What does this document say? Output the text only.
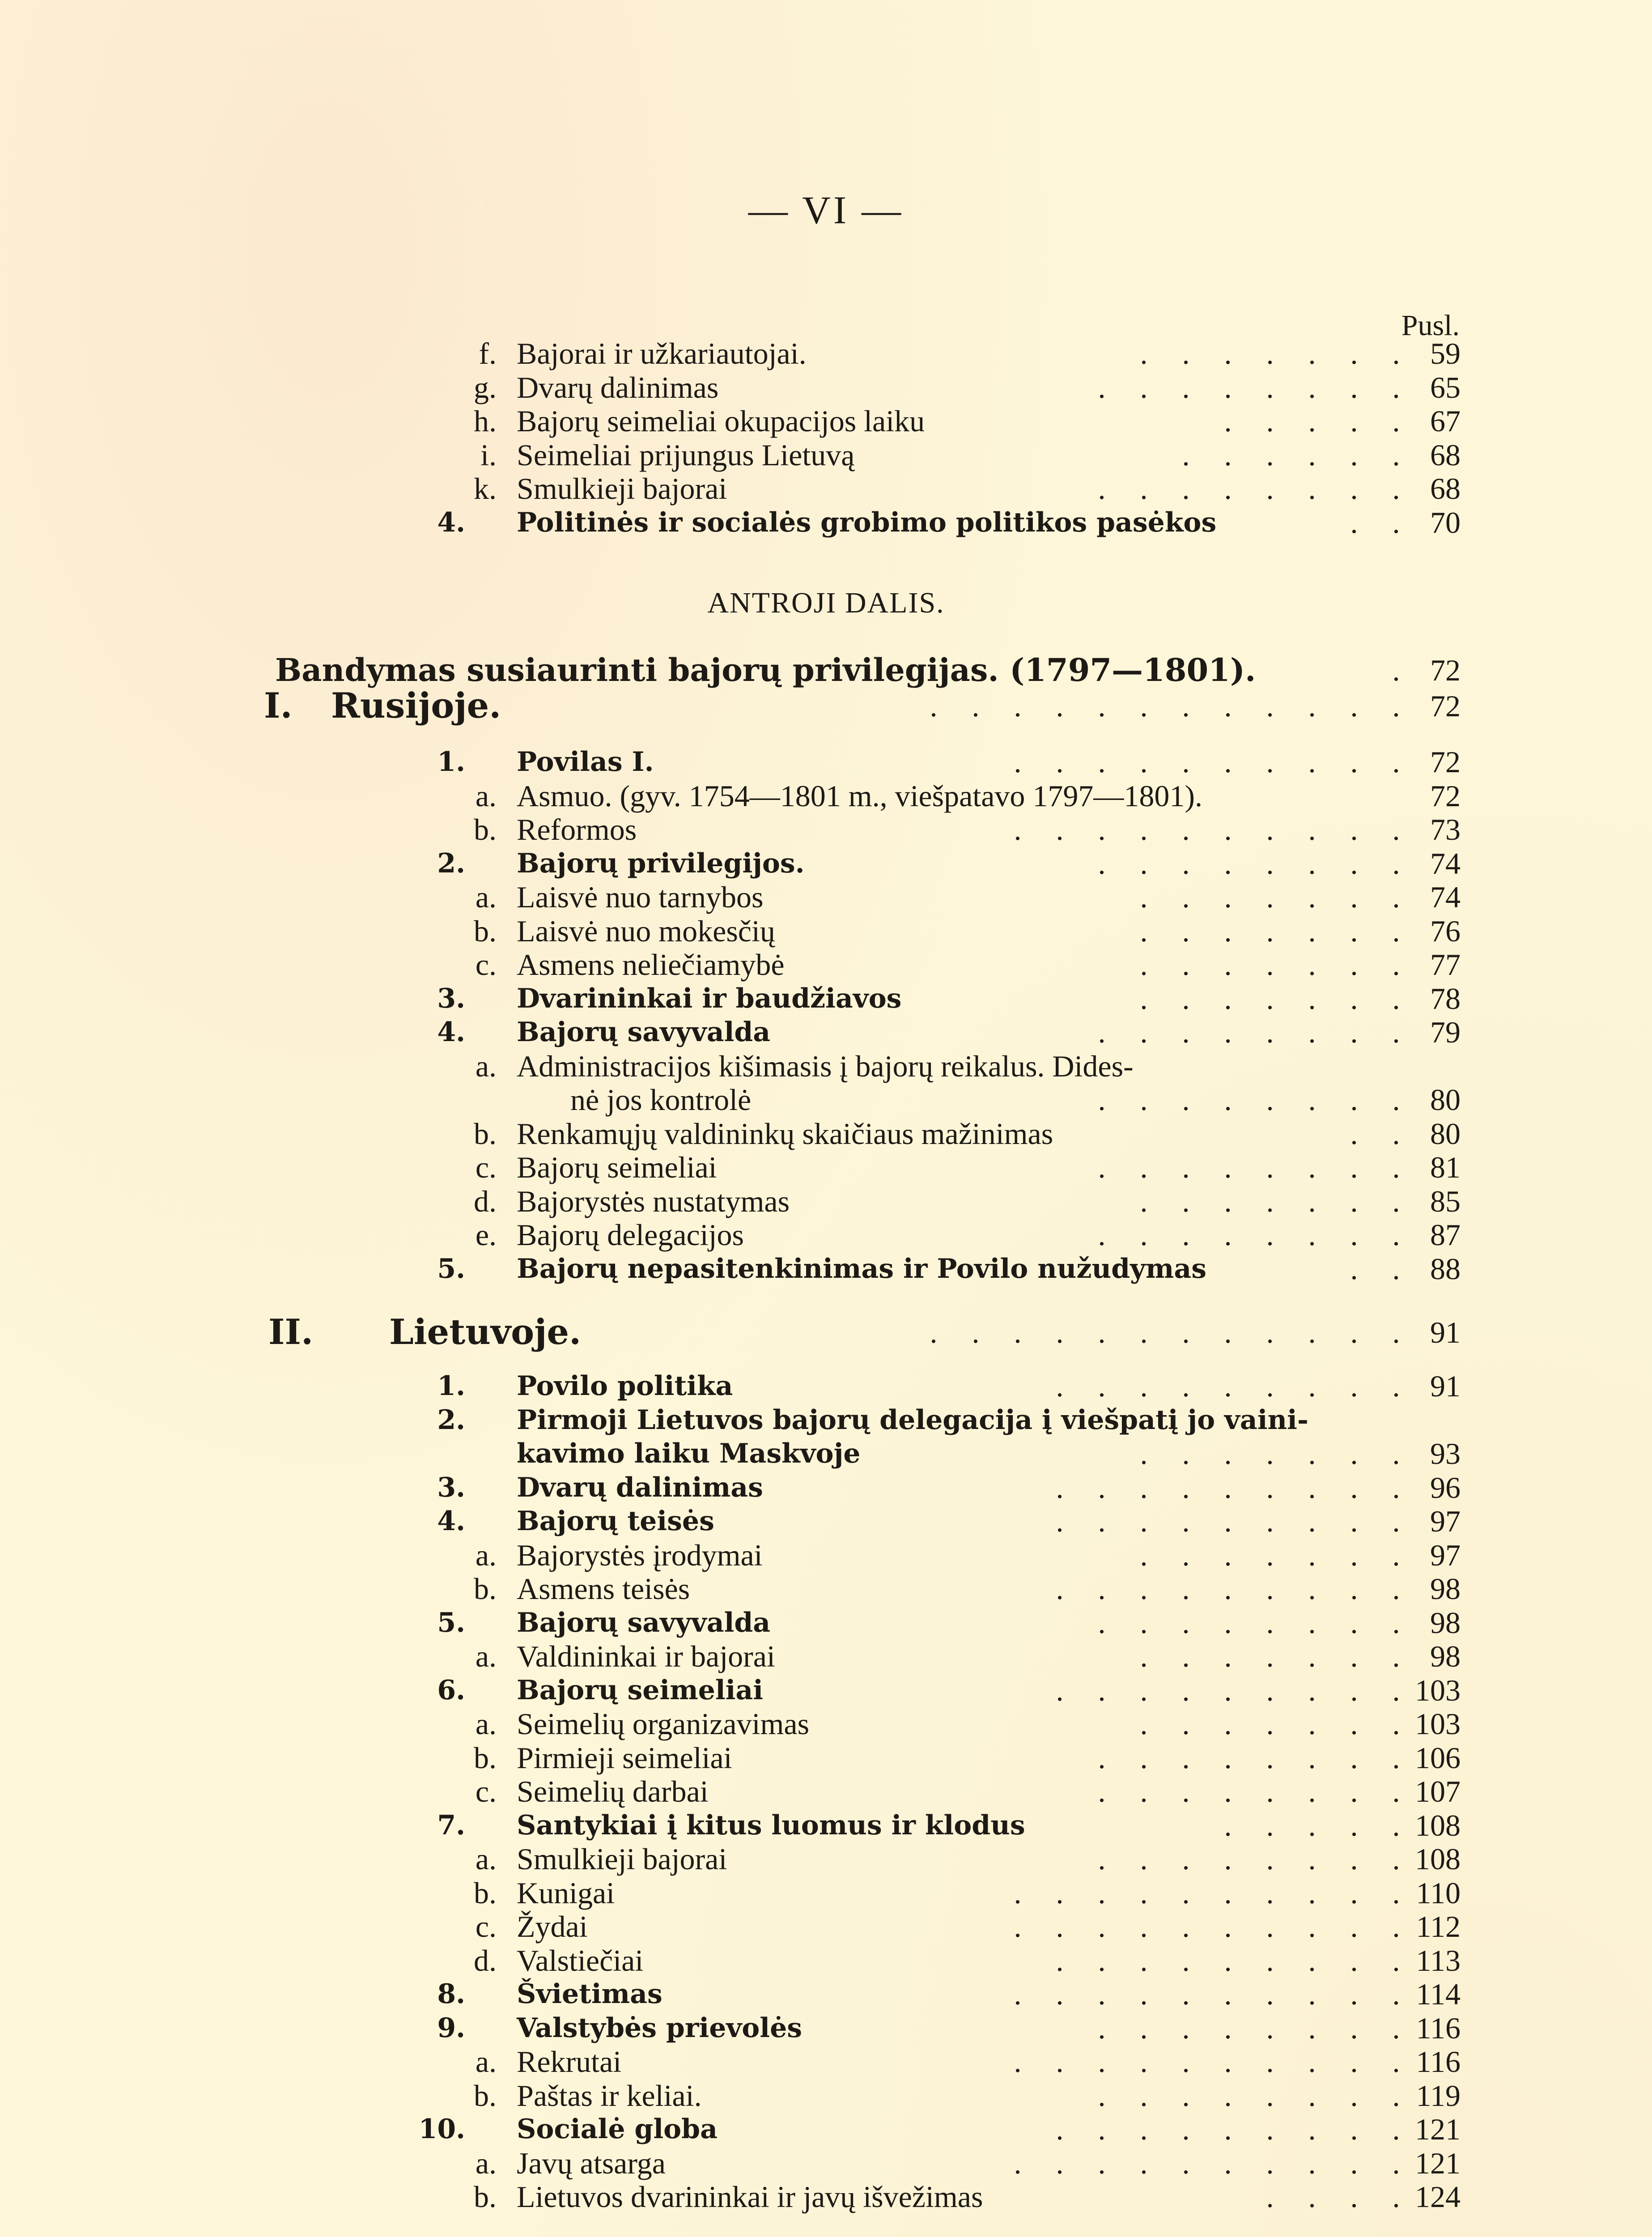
— VI —
Pusl.
f. Bajorai ir užkariautojai.	. . . . . . . 59
g. Dvarų dalinimas	. . . . . . . . 65
h. Bajorų seimeliai okupacijos laiku	. . . . . 67
i. Seimeliai prijungus Lietuvą	. . . . . . 68
k. Smulkieji bajorai	. . . . . . . . 68
4. Politinės ir socialės grobimo politikos pasėkos	. . 70
ANTROJI DALIS.
Bandymas susiaurinti bajorų privilegijas. (1797—1801).	. 72
I. Rusijoje.	. . . . . . . . . . . . 72
1. Povilas I.	. . . . . . . . . . 72
a. Asmuo. (gyv. 1754—1801 m., viešpatavo 1797—1801).	72
b. Reformos	. . . . . . . . . . 73
2. Bajorų privilegijos.	. . . . . . . . 74
a. Laisvė nuo tarnybos	. . . . . . . 74
b. Laisvė nuo mokesčių	. . . . . . . 76
c. Asmens neliečiamybė	. . . . . . . 77
3. Dvarininkai ir baudžiavos	. . . . . . . 78
4. Bajorų savyvalda	. . . . . . . . 79
a. Administracijos kišimasis į bajorų reikalus. Dides-
nė jos kontrolė	. . . . . . . . 80
b. Renkamųjų valdininkų skaičiaus mažinimas	. . 80
c. Bajorų seimeliai	. . . . . . . . 81
d. Bajorystės nustatymas	. . . . . . . 85
e. Bajorų delegacijos	. . . . . . . . 87
5. Bajorų nepasitenkinimas ir Povilo nužudymas	. . 88
II. Lietuvoje.	. . . . . . . . . . . . 91
1. Povilo politika	. . . . . . . . . 91
2. Pirmoji Lietuvos bajorų delegacija į viešpatį jo vaini-
kavimo laiku Maskvoje	. . . . . . . 93
3. Dvarų dalinimas	. . . . . . . . . 96
4. Bajorų teisės	. . . . . . . . . 97
a. Bajorystės įrodymai	. . . . . . . 97
b. Asmens teisės	. . . . . . . . . 98
5. Bajorų savyvalda	. . . . . . . . 98
a. Valdininkai ir bajorai	. . . . . . . 98
6. Bajorų seimeliai	. . . . . . . . . 103
a. Seimelių organizavimas	. . . . . . . 103
b. Pirmieji seimeliai	. . . . . . . . 106
c. Seimelių darbai	. . . . . . . . 107
7. Santykiai į kitus luomus ir klodus	. . . . . 108
a. Smulkieji bajorai	. . . . . . . . 108
b. Kunigai	. . . . . . . . . . 110
c. Žydai	. . . . . . . . . . 112
d. Valstiečiai	. . . . . . . . . 113
8. Švietimas	. . . . . . . . . . 114
9. Valstybės prievolės	. . . . . . . . 116
a. Rekrutai	. . . . . . . . . . 116
b. Paštas ir keliai.	. . . . . . . . 119
10. Socialė globa	. . . . . . . . . 121
a. Javų atsarga	. . . . . . . . . . 121
b. Lietuvos dvarininkai ir javų išvežimas	. . . . 124
